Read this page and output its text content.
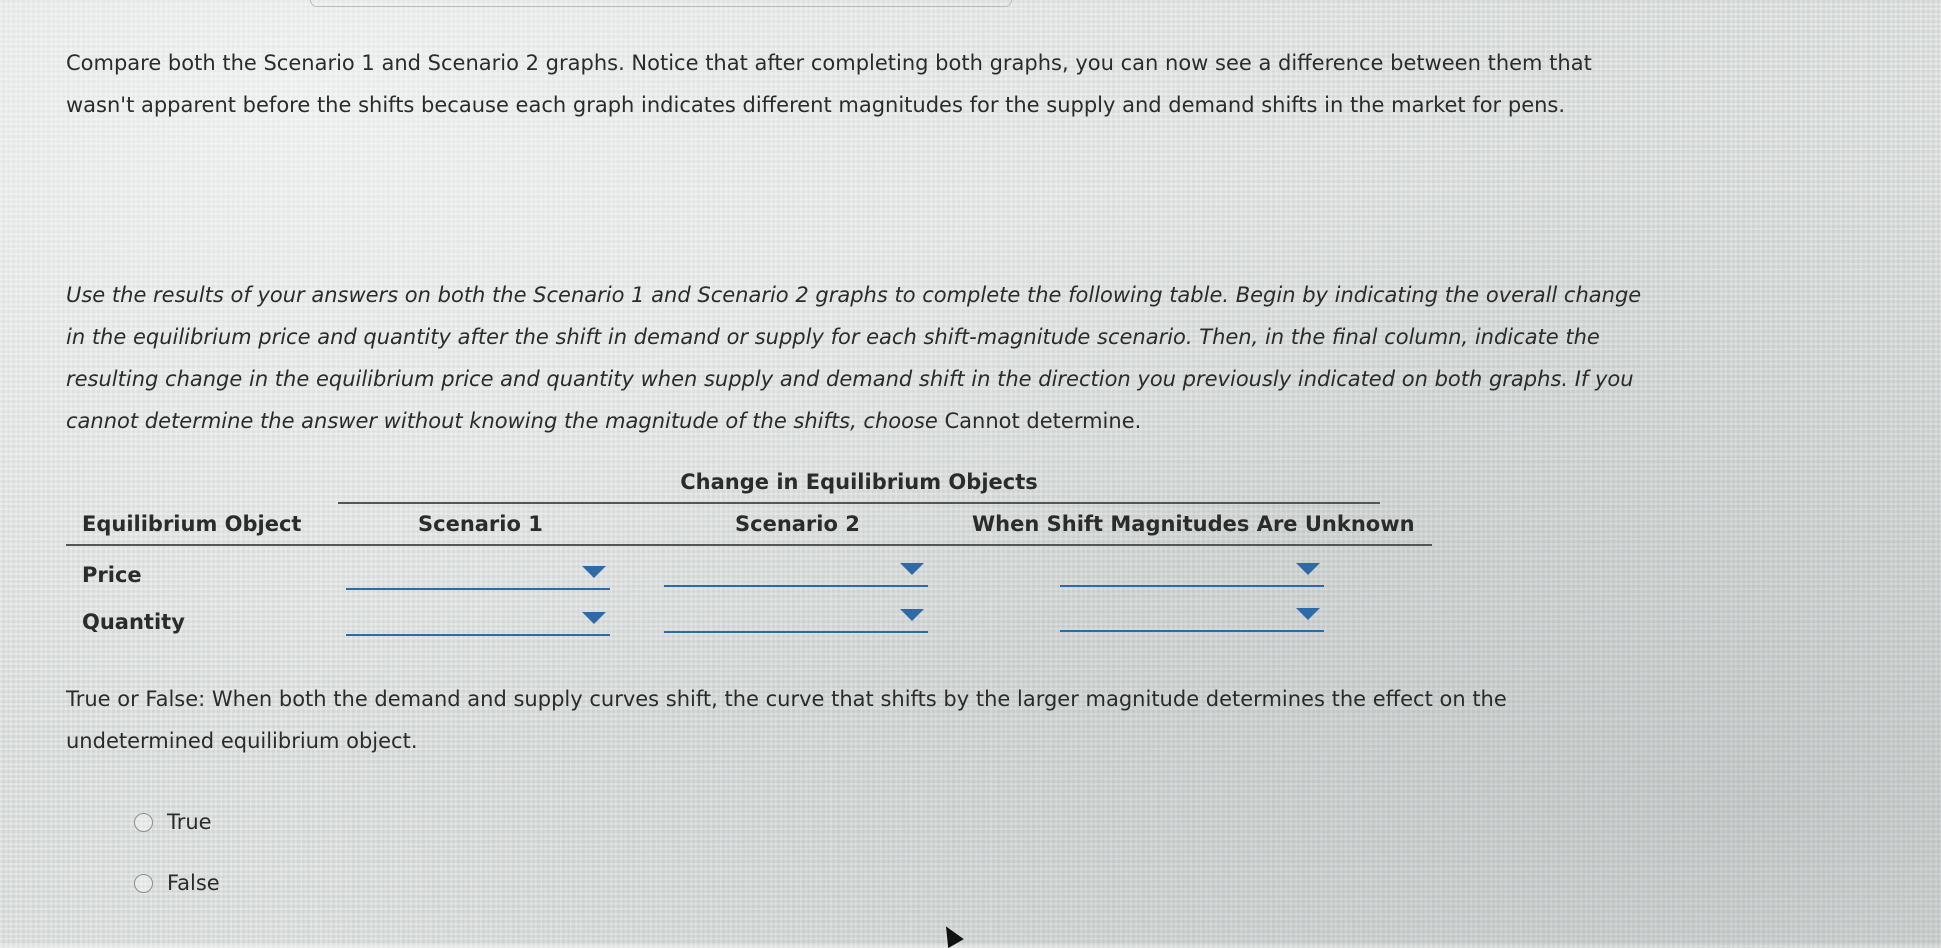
Compare both the Scenario 1 and Scenario 2 graphs. Notice that after completing both graphs, you can now see a difference between them that
wasn't apparent before the shifts because each graph indicates different magnitudes for the supply and demand shifts in the market for pens.

Use the results of your answers on both the Scenario 1 and Scenario 2 graphs to complete the following table. Begin by indicating the overall change
in the equilibrium price and quantity after the shift in demand or supply for each shift-magnitude scenario. Then, in the final column, indicate the
resulting change in the equilibrium price and quantity when supply and demand shift in the direction you previously indicated on both graphs. If you
cannot determine the answer without knowing the magnitude of the shifts, choose Cannot determine.

Change in Equilibrium Objects
Equilibrium Object	Scenario 1	Scenario 2	When Shift Magnitudes Are Unknown
Price
Quantity

True or False: When both the demand and supply curves shift, the curve that shifts by the larger magnitude determines the effect on the
undetermined equilibrium object.

True
False
